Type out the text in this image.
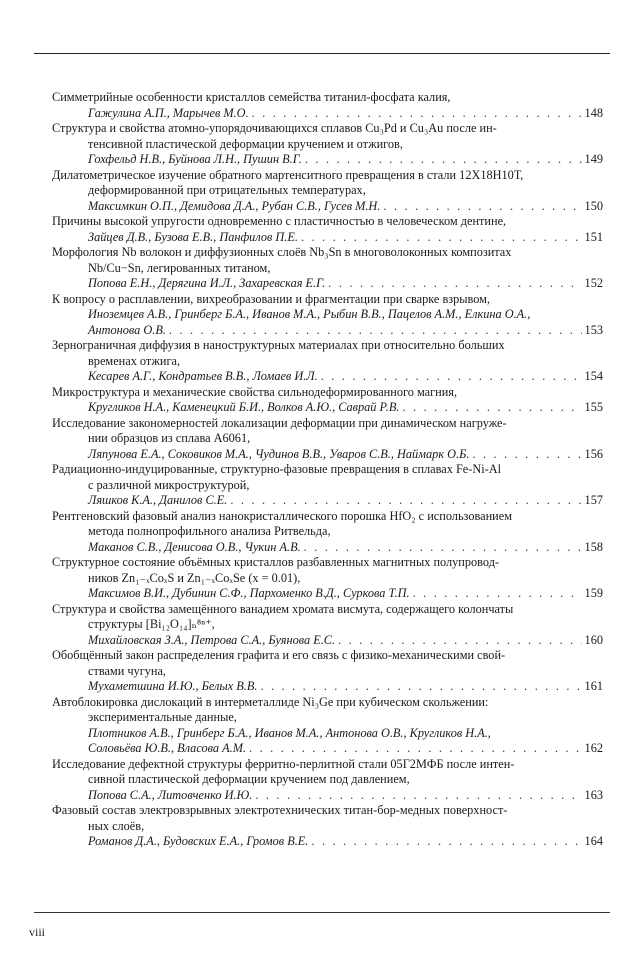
Симметрийные особенности кристаллов семейства титанил-фосфата калия,
Гажулина А.П., Марычев М.О. . . .	148
Структура и свойства атомно-упорядочивающихся сплавов Cu₃Pd и Cu₃Au после ин-
тенсивной пластической деформации кручением и отжигов,
Гохфельд Н.В., Буйнова Л.Н., Пушин В.Г. . . .	149
Дилатометрическое изучение обратного мартенситного превращения в стали 12Х18Н10Т,
деформированной при отрицательных температурах,
Максимкин О.П., Демидова Д.А., Рубан С.В., Гусев М.Н. . . .	150
Причины высокой упругости одновременно с пластичностью в человеческом дентине,
Зайцев Д.В., Бузова Е.В., Панфилов П.Е. . . .	151
Морфология Nb волокон и диффузионных слоёв Nb₃Sn в многоволоконных композитах
Nb/Cu−Sn, легированных титаном,
Попова Е.Н., Дерягина И.Л., Захаревская Е.Г. . . .	152
К вопросу о расплавлении, вихреобразовании и фрагментации при сварке взрывом,
Иноземцев А.В., Гринберг Б.А., Иванов М.А., Рыбин В.В., Пацелов А.М., Елкина О.А.,
Антонова О.В. . . .	153
Зернограничная диффузия в наноструктурных материалах при относительно больших
временах отжига,
Кесарев А.Г., Кондратьев В.В., Ломаев И.Л. . . .	154
Микроструктура и механические свойства сильнодеформированного магния,
Кругликов Н.А., Каменецкий Б.И., Волков А.Ю., Саврай Р.В. . . .	155
Исследование закономерностей локализации деформации при динамическом нагруже-
нии образцов из сплава А6061,
Ляпунова Е.А., Соковиков М.А., Чудинов В.В., Уваров С.В., Наймарк О.Б. . . .	156
Радиационно-индуцированные, структурно-фазовые превращения в сплавах Fe-Ni-Al
с различной микроструктурой,
Ляшков К.А., Данилов С.Е. . . .	157
Рентгеновский фазовый анализ нанокристаллического порошка HfO₂ с использованием
метода полнопрофильного анализа Ритвельда,
Маканов С.В., Денисова О.В., Чукин А.В. . . .	158
Структурное состояние объёмных кристаллов разбавленных магнитных полупровод-
ников Zn₁₋ₓCoₓS и Zn₁₋ₓCoₓSe (x = 0.01),
Максимов В.И., Дубинин С.Ф., Пархоменко В.Д., Суркова Т.П. . . .	159
Структура и свойства замещённого ванадием хромата висмута, содержащего колончаты
структуры [Bi₁₂O₁₄]ₙ⁸ⁿ⁺,
Михайловская З.А., Петрова С.А., Буянова Е.С. . . .	160
Обобщённый закон распределения графита и его связь с физико-механическими свой-
ствами чугуна,
Мухаметшина И.Ю., Белых В.В. . . .	161
Автоблокировка дислокаций в интерметаллиде Ni₃Ge при кубическом скольжении:
экспериментальные данные,
Плотников А.В., Гринберг Б.А., Иванов М.А., Антонова О.В., Кругликов Н.А.,
Соловьёва Ю.В., Власова А.М. . . .	162
Исследование дефектной структуры ферритно-перлитной стали 05Г2МФБ после интен-
сивной пластической деформации кручением под давлением,
Попова С.А., Литовченко И.Ю. . . .	163
Фазовый состав электровзрывных электротехнических титан-бор-медных поверхност-
ных слоёв,
Романов Д.А., Будовских Е.А., Громов В.Е. . . .	164
viii
